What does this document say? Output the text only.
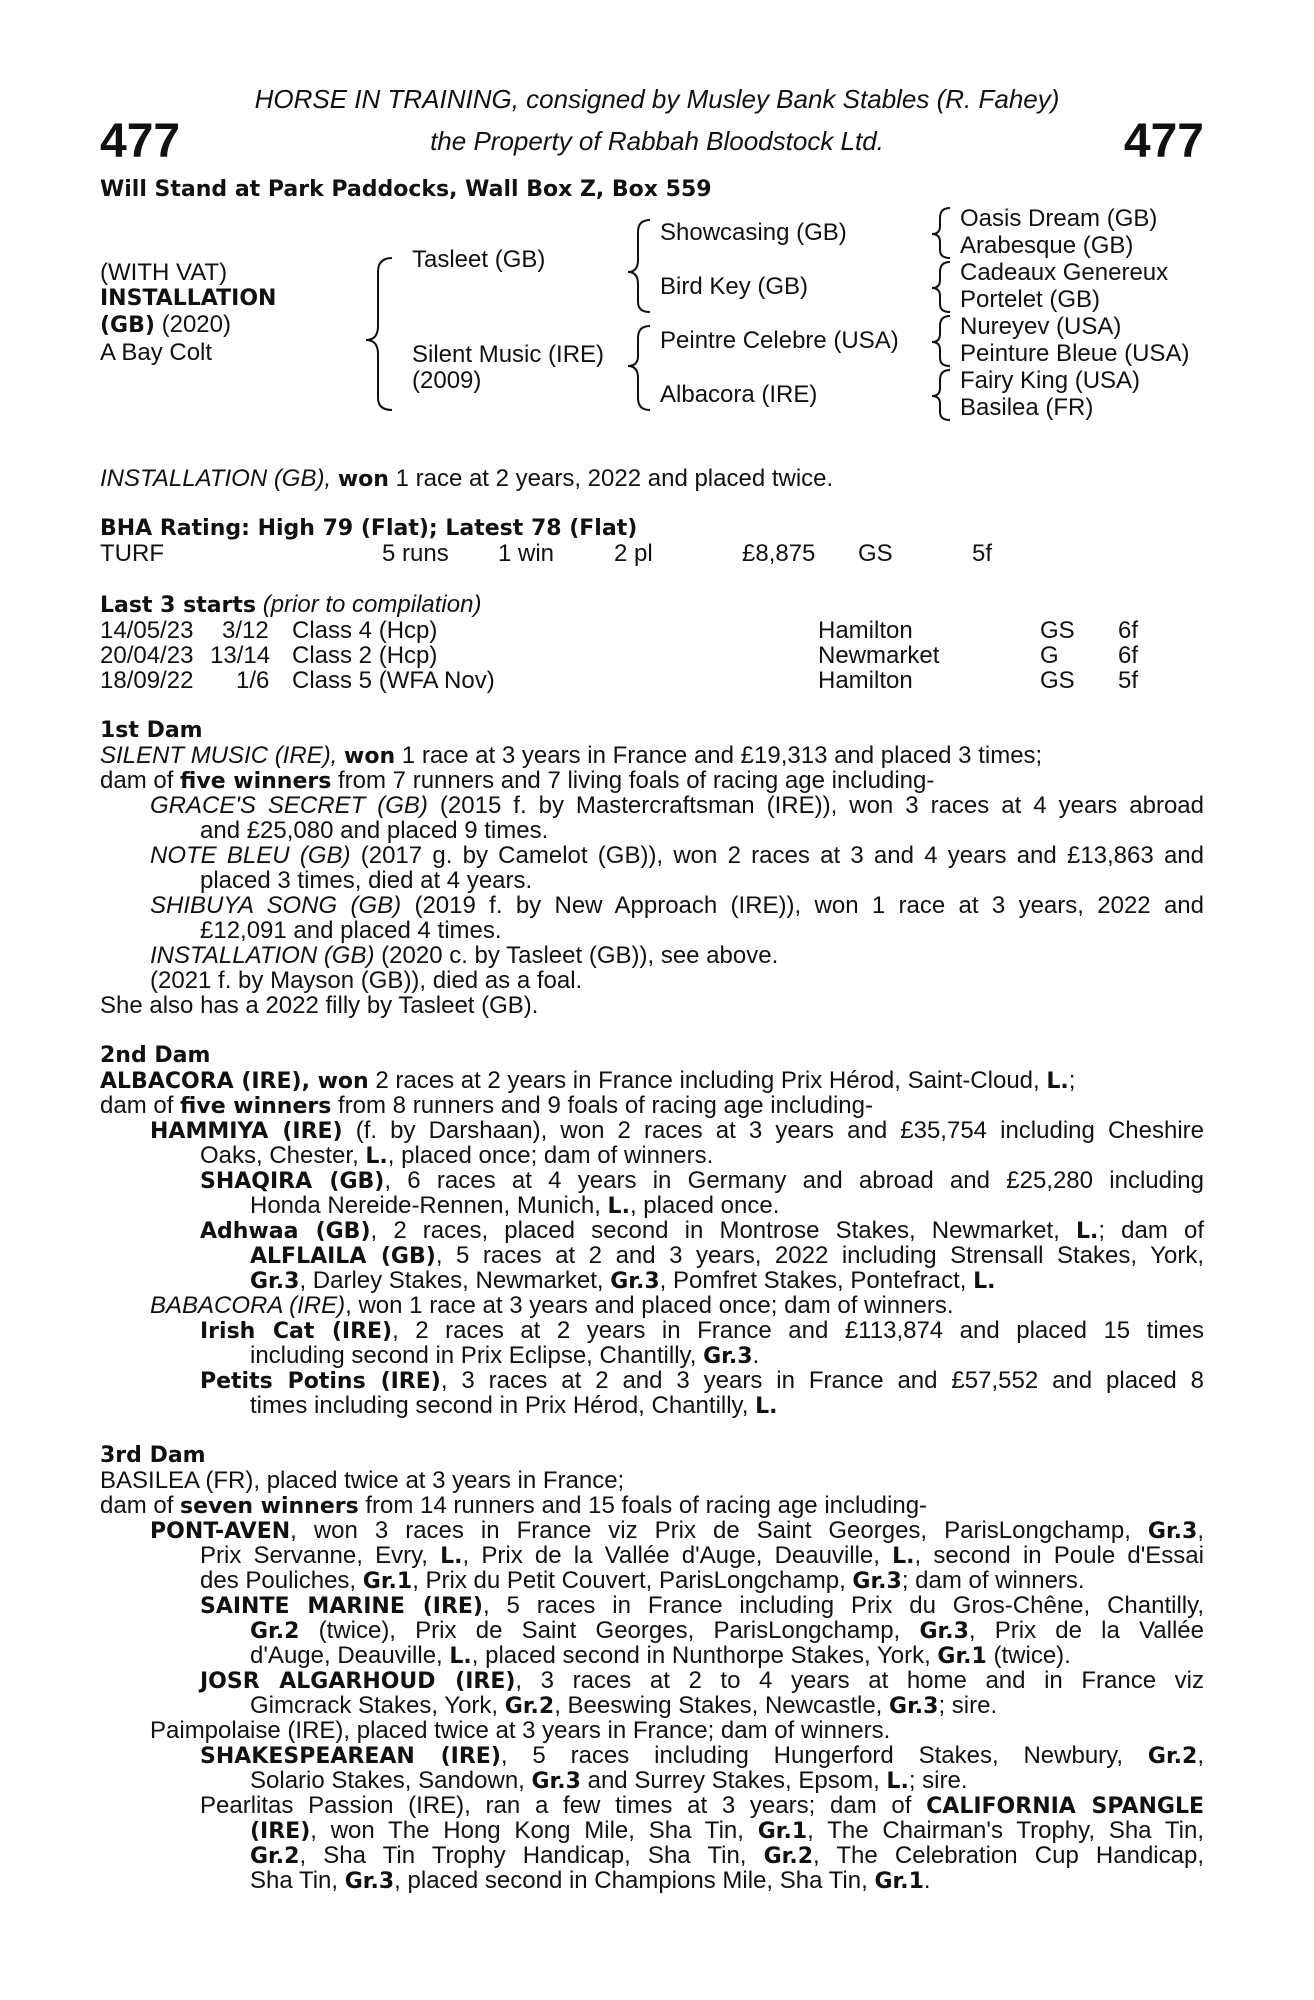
477	477
HORSE IN TRAINING, consigned by Musley Bank Stables (R. Fahey)
the Property of Rabbah Bloodstock Ltd.
Will Stand at Park Paddocks, Wall Box Z, Box 559
(WITH VAT)
INSTALLATION
(GB) (2020)
A Bay Colt
Tasleet (GB)
Silent Music (IRE)
(2009)
Showcasing (GB)
Bird Key (GB)
Peintre Celebre (USA)
Albacora (IRE)
Oasis Dream (GB)
Arabesque (GB)
Cadeaux Genereux
Portelet (GB)
Nureyev (USA)
Peinture Bleue (USA)
Fairy King (USA)
Basilea (FR)
INSTALLATION (GB), won 1 race at 2 years, 2022 and placed twice.
BHA Rating: High 79 (Flat); Latest 78 (Flat)
TURF	5 runs 1 win 2 pl	£8,875 GS	5f
Last 3 starts (prior to compilation)
14/05/23 3/12 Class 4 (Hcp)	Hamilton	GS 6f
20/04/23 13/14 Class 2 (Hcp)	Newmarket	G 6f
18/09/22 1/6 Class 5 (WFA Nov)	Hamilton	GS 5f
1st Dam
SILENT MUSIC (IRE), won 1 race at 3 years in France and £19,313 and placed 3 times;
dam of five winners from 7 runners and 7 living foals of racing age including-
GRACE'S SECRET (GB) (2015 f. by Mastercraftsman (IRE)), won 3 races at 4 years abroad
and £25,080 and placed 9 times.
NOTE BLEU (GB) (2017 g. by Camelot (GB)), won 2 races at 3 and 4 years and £13,863 and
placed 3 times, died at 4 years.
SHIBUYA SONG (GB) (2019 f. by New Approach (IRE)), won 1 race at 3 years, 2022 and
£12,091 and placed 4 times.
INSTALLATION (GB) (2020 c. by Tasleet (GB)), see above.
(2021 f. by Mayson (GB)), died as a foal.
She also has a 2022 filly by Tasleet (GB).
2nd Dam
ALBACORA (IRE), won 2 races at 2 years in France including Prix Hérod, Saint-Cloud, L.;
dam of five winners from 8 runners and 9 foals of racing age including-
HAMMIYA (IRE) (f. by Darshaan), won 2 races at 3 years and £35,754 including Cheshire
Oaks, Chester, L., placed once; dam of winners.
SHAQIRA (GB), 6 races at 4 years in Germany and abroad and £25,280 including
Honda Nereide-Rennen, Munich, L., placed once.
Adhwaa (GB), 2 races, placed second in Montrose Stakes, Newmarket, L.; dam of
ALFLAILA (GB), 5 races at 2 and 3 years, 2022 including Strensall Stakes, York,
Gr.3, Darley Stakes, Newmarket, Gr.3, Pomfret Stakes, Pontefract, L.
BABACORA (IRE), won 1 race at 3 years and placed once; dam of winners.
Irish Cat (IRE), 2 races at 2 years in France and £113,874 and placed 15 times
including second in Prix Eclipse, Chantilly, Gr.3.
Petits Potins (IRE), 3 races at 2 and 3 years in France and £57,552 and placed 8
times including second in Prix Hérod, Chantilly, L.
3rd Dam
BASILEA (FR), placed twice at 3 years in France;
dam of seven winners from 14 runners and 15 foals of racing age including-
PONT-AVEN, won 3 races in France viz Prix de Saint Georges, ParisLongchamp, Gr.3,
Prix Servanne, Evry, L., Prix de la Vallée d'Auge, Deauville, L., second in Poule d'Essai
des Pouliches, Gr.1, Prix du Petit Couvert, ParisLongchamp, Gr.3; dam of winners.
SAINTE MARINE (IRE), 5 races in France including Prix du Gros-Chêne, Chantilly,
Gr.2 (twice), Prix de Saint Georges, ParisLongchamp, Gr.3, Prix de la Vallée
d'Auge, Deauville, L., placed second in Nunthorpe Stakes, York, Gr.1 (twice).
JOSR ALGARHOUD (IRE), 3 races at 2 to 4 years at home and in France viz
Gimcrack Stakes, York, Gr.2, Beeswing Stakes, Newcastle, Gr.3; sire.
Paimpolaise (IRE), placed twice at 3 years in France; dam of winners.
SHAKESPEAREAN (IRE), 5 races including Hungerford Stakes, Newbury, Gr.2,
Solario Stakes, Sandown, Gr.3 and Surrey Stakes, Epsom, L.; sire.
Pearlitas Passion (IRE), ran a few times at 3 years; dam of CALIFORNIA SPANGLE
(IRE), won The Hong Kong Mile, Sha Tin, Gr.1, The Chairman's Trophy, Sha Tin,
Gr.2, Sha Tin Trophy Handicap, Sha Tin, Gr.2, The Celebration Cup Handicap,
Sha Tin, Gr.3, placed second in Champions Mile, Sha Tin, Gr.1.
